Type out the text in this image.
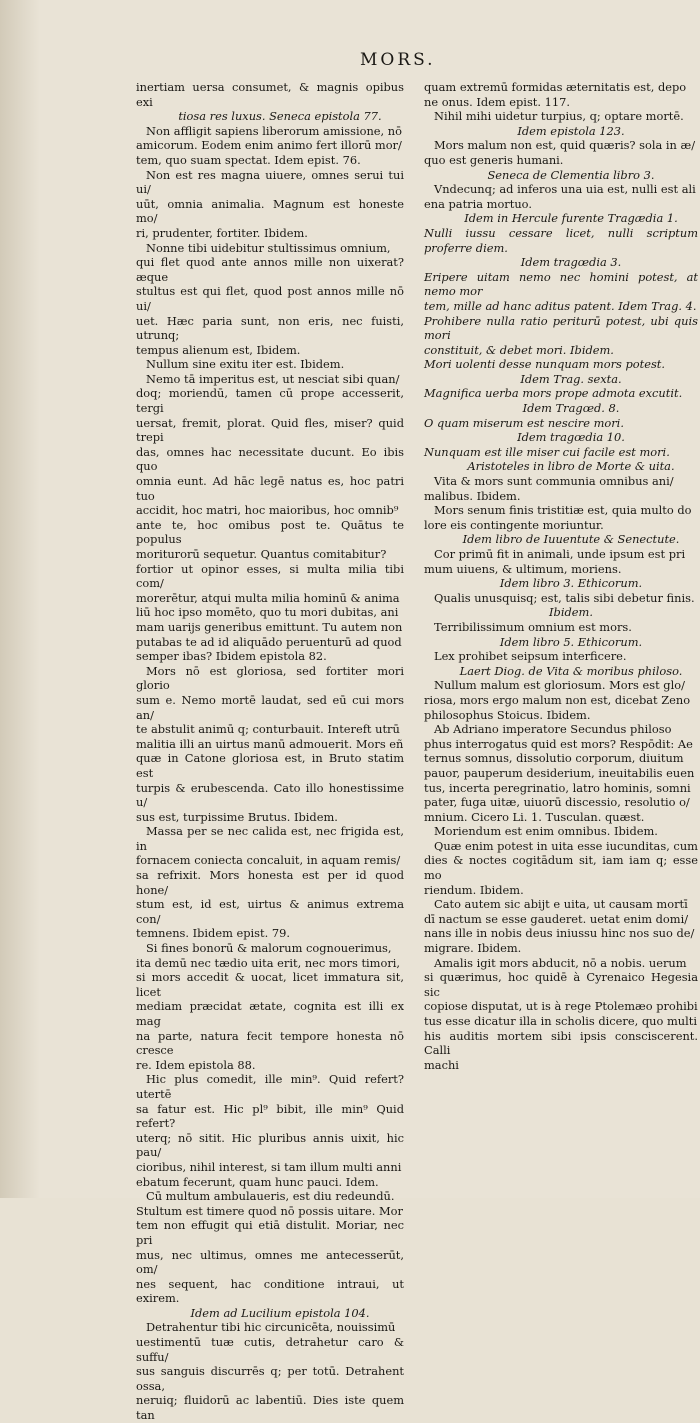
MORS.

inertiam uersa consumet, & magnis opibus exi

tiosa res luxus. Seneca epistola 77.

Non affligit sapiens liberorum amissione, nō

amicorum. Eodem enim animo fert illorū mor/

tem, quo suam spectat. Idem epist. 76.

Non est res magna uiuere, omnes serui tui ui/

uūt, omnia animalia. Magnum est honeste mo/

ri, prudenter, fortiter. Ibidem.

Nonne tibi uidebitur stultissimus omnium,

qui flet quod ante annos mille non uixerat? æque

stultus est qui flet, quod post annos mille nō ui/

uet. Hæc paria sunt, non eris, nec fuisti, utrunq;

tempus alienum est, Ibidem.

Nullum sine exitu iter est. Ibidem.

Nemo tā imperitus est, ut nesciat sibi quan/

doq; moriendū, tamen cū prope accesserit, tergi

uersat, fremit, plorat. Quid fles, miser? quid trepi

das, omnes hac necessitate ducunt. Eo ibis quo

omnia eunt. Ad hāc legē natus es, hoc patri tuo

accidit, hoc matri, hoc maioribus, hoc omnib⁹

ante te, hoc omibus post te. Quātus te populus

moriturorū sequetur. Quantus comitabitur?

fortior ut opinor esses, si multa milia tibi com/

morerētur, atqui multa milia hominū & anima

liū hoc ipso momēto, quo tu mori dubitas, ani

mam uarijs generibus emittunt. Tu autem non

putabas te ad id aliquādo peruenturū ad quod

semper ibas? Ibidem epistola 82.

Mors nō est gloriosa, sed fortiter mori glorio

sum e. Nemo mortē laudat, sed eū cui mors an/

te abstulit animū q; conturbauit. Intereft utrū

malitia illi an uirtus manū admouerit. Mors eñ

quæ in Catone gloriosa est, in Bruto statim est

turpis & erubescenda. Cato illo honestissime u/

sus est, turpissime Brutus. Ibidem.

Massa per se nec calida est, nec frigida est, in

fornacem coniecta concaluit, in aquam remis/

sa refrixit. Mors honesta est per id quod hone/

stum est, id est, uirtus & animus extrema con/

temnens. Ibidem epist. 79.

Si fines bonorū & malorum cognouerimus,

ita demū nec tædio uita erit, nec mors timori,

si mors accedit & uocat, licet immatura sit, licet

mediam præcidat ætate, cognita est illi ex mag

na parte, natura fecit tempore honesta nō cresce

re. Idem epistola 88.

Hic plus comedit, ille min⁹. Quid refert? utertē

sa fatur est. Hic pl⁹ bibit, ille min⁹ Quid refert?

uterq; nō sitit. Hic pluribus annis uixit, hic pau/

cioribus, nihil interest, si tam illum multi anni

ebatum fecerunt, quam hunc pauci. Idem.

Cū multum ambulaueris, est diu redeundū.

Stultum est timere quod nō possis uitare. Mor

tem non effugit qui etiā distulit. Moriar, nec pri

mus, nec ultimus, omnes me antecesserūt, om/

nes sequent, hac conditione intraui, ut exirem.

Idem ad Lucilium epistola 104.

Detrahentur tibi hic circunicēta, nouissimū

uestimentū tuæ cutis, detrahetur caro & suffu/

sus sanguis discurrēs q; per totū. Detrahent ossa,

neruiq; fluidorū ac labentiū. Dies iste quem tan

quam extremū formidas æternitatis est, depo

ne onus. Idem epist. 117.

Nihil mihi uidetur turpius, q; optare mortē.

Idem epistola 123.

Mors malum non est, quid quæris? sola in æ/

quo est generis humani.

Seneca de Clementia libro 3.

Vndecunq; ad inferos una uia est, nulli est ali

ena patria mortuo.

Idem in Hercule furente Tragædia 1.

Nulli iussu cessare licet, nulli scriptum proferre diem.

Idem tragœdia 3.

Eripere uitam nemo nec homini potest, at nemo mor

tem, mille ad hanc aditus patent. Idem Trag. 4.

Prohibere nulla ratio periturū potest, ubi quis mori

constituit, & debet mori. Ibidem.

Mori uolenti desse nunquam mors potest.

Idem Trag. sexta.

Magnifica uerba mors prope admota excutit.

Idem Tragœd. 8.

O quam miserum est nescire mori.

Idem tragœdia 10.

Nunquam est ille miser cui facile est mori.

Aristoteles in libro de Morte & uita.

Vita & mors sunt communia omnibus ani/

malibus. Ibidem.

Mors senum finis tristitiæ est, quia multo do

lore eis contingente moriuntur.

Idem libro de Iuuentute & Senectute.

Cor primū fit in animali, unde ipsum est pri

mum uiuens, & ultimum, moriens.

Idem libro 3. Ethicorum.

Qualis unusquisq; est, talis sibi debetur finis.

Ibidem.

Terribilissimum omnium est mors.

Idem libro 5. Ethicorum.

Lex prohibet seipsum interficere.

Laert Diog. de Vita & moribus philoso.

Nullum malum est gloriosum. Mors est glo/

riosa, mors ergo malum non est, dicebat Zeno

philosophus Stoicus. Ibidem.

Ab Adriano imperatore Secundus philoso

phus interrogatus quid est mors? Respōdit: Ae

ternus somnus, dissolutio corporum, diuitum

pauor, pauperum desiderium, ineuitabilis euen

tus, incerta peregrinatio, latro hominis, somni

pater, fuga uitæ, uiuorū discessio, resolutio o/

mnium. Cicero Li. 1. Tusculan. quæst.

Moriendum est enim omnibus. Ibidem.

Quæ enim potest in uita esse iucunditas, cum

dies & noctes cogitādum sit, iam iam q; esse mo

riendum. Ibidem.

Cato autem sic abijt e uita, ut causam mortī

dī nactum se esse gauderet. uetat enim domi/

nans ille in nobis deus iniussu hinc nos suo de/

migrare. Ibidem.

Amalis igit mors abducit, nō a nobis. uerum

si quærimus, hoc quidē à Cyrenaico Hegesia sic

copiose disputat, ut is à rege Ptolemæo prohibi

tus esse dicatur illa in scholis dicere, quo multi

his auditis mortem sibi ipsis consciscerent. Calli

machi
